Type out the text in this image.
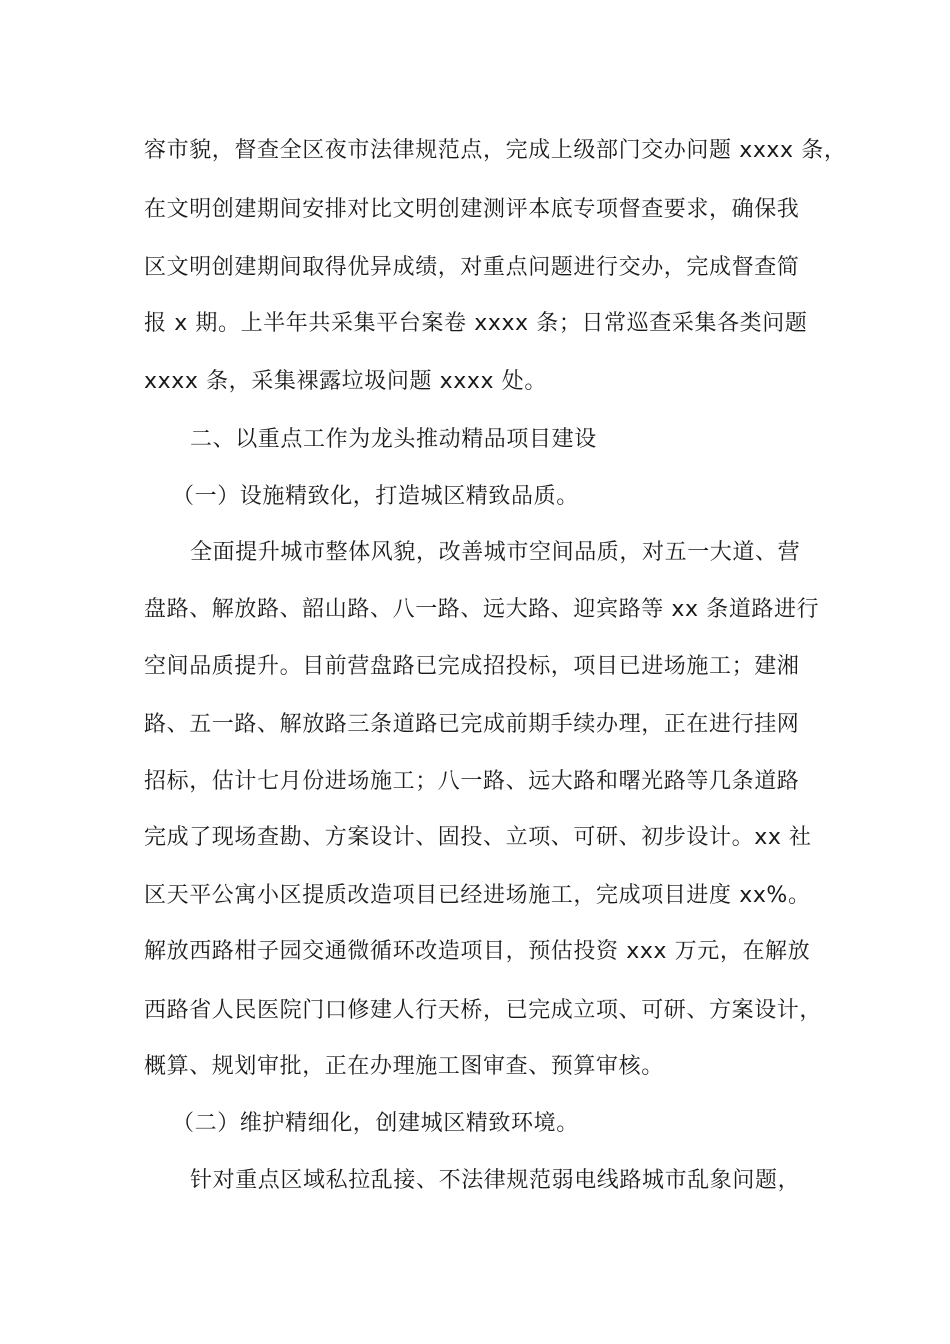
容市貌，督查全区夜市法律规范点，完成上级部门交办问题 xxxx 条，

在文明创建期间安排对比文明创建测评本底专项督查要求，确保我

区文明创建期间取得优异成绩，对重点问题进行交办，完成督查简

报 x 期。上半年共采集平台案卷 xxxx 条；日常巡查采集各类问题

xxxx 条，采集裸露垃圾问题 xxxx 处。

二、以重点工作为龙头推动精品项目建设

（一）设施精致化，打造城区精致品质。

全面提升城市整体风貌，改善城市空间品质，对五一大道、营

盘路、解放路、韶山路、八一路、远大路、迎宾路等 xx 条道路进行

空间品质提升。目前营盘路已完成招投标，项目已进场施工；建湘

路、五一路、解放路三条道路已完成前期手续办理，正在进行挂网

招标，估计七月份进场施工；八一路、远大路和曙光路等几条道路

完成了现场查勘、方案设计、固投、立项、可研、初步设计。xx 社

区天平公寓小区提质改造项目已经进场施工，完成项目进度 xx%。

解放西路柑子园交通微循环改造项目，预估投资 xxx 万元，在解放

西路省人民医院门口修建人行天桥，已完成立项、可研、方案设计，

概算、规划审批，正在办理施工图审查、预算审核。

（二）维护精细化，创建城区精致环境。

针对重点区域私拉乱接、不法律规范弱电线路城市乱象问题，
